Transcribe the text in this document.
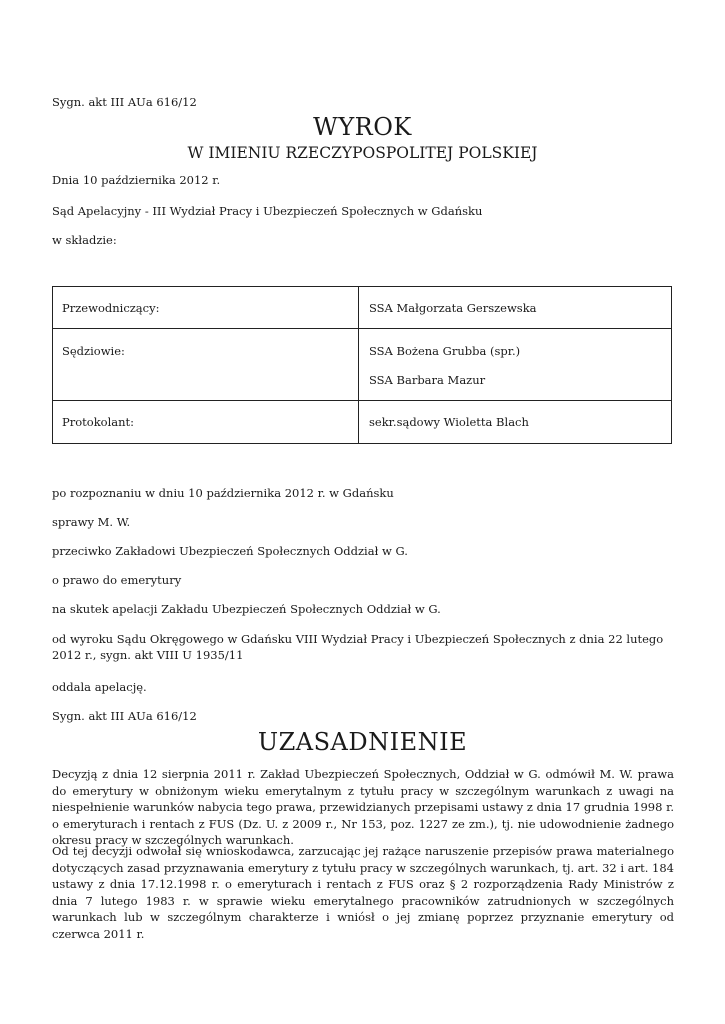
Sygn. akt III AUa 616/12
WYROK
W IMIENIU RZECZYPOSPOLITEJ POLSKIEJ
Dnia 10 października 2012 r.
Sąd Apelacyjny - III Wydział Pracy i Ubezpieczeń Społecznych w Gdańsku
w składzie:
Przewodniczący:	SSA Małgorzata Gerszewska
Sędziowie:	SSA Bożena Grubba (spr.)
SSA Barbara Mazur
Protokolant:	sekr.sądowy Wioletta Blach
po rozpoznaniu w dniu 10 października 2012 r. w Gdańsku
sprawy M. W.
przeciwko Zakładowi Ubezpieczeń Społecznych Oddział w G.
o prawo do emerytury
na skutek apelacji Zakładu Ubezpieczeń Społecznych Oddział w G.
od wyroku Sądu Okręgowego w Gdańsku VIII Wydział Pracy i Ubezpieczeń Społecznych z dnia 22 lutego 2012 r., sygn. akt VIII U 1935/11
oddala apelację.
Sygn. akt III AUa 616/12
UZASADNIENIE
Decyzją z dnia 12 sierpnia 2011 r. Zakład Ubezpieczeń Społecznych, Oddział w G. odmówił M. W. prawa do emerytury w obniżonym wieku emerytalnym z tytułu pracy w szczególnym warunkach z uwagi na niespełnienie warunków nabycia tego prawa, przewidzianych przepisami ustawy z dnia 17 grudnia 1998 r. o emeryturach i rentach z FUS (Dz. U. z 2009 r., Nr 153, poz. 1227 ze zm.), tj. nie udowodnienie żadnego okresu pracy w szczególnych warunkach.
Od tej decyzji odwołał się wnioskodawca, zarzucając jej rażące naruszenie przepisów prawa materialnego dotyczących zasad przyznawania emerytury z tytułu pracy w szczególnych warunkach, tj. art. 32 i art. 184 ustawy z dnia 17.12.1998 r. o emeryturach i rentach z FUS oraz § 2 rozporządzenia Rady Ministrów z dnia 7 lutego 1983 r. w sprawie wieku emerytalnego pracowników zatrudnionych w szczególnych warunkach lub w szczególnym charakterze i wniósł o jej zmianę poprzez przyznanie emerytury od czerwca 2011 r.
